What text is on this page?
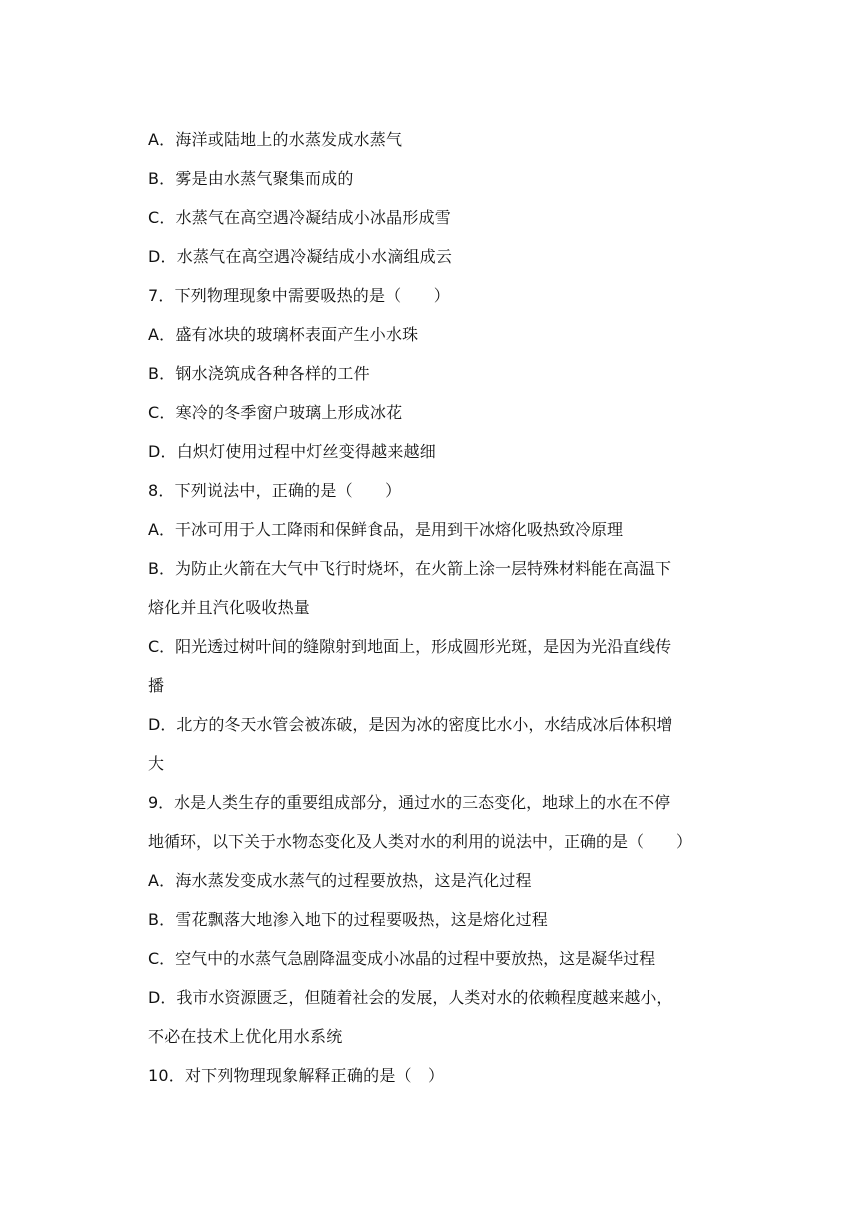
A．海洋或陆地上的水蒸发成水蒸气
B．雾是由水蒸气聚集而成的
C．水蒸气在高空遇冷凝结成小冰晶形成雪
D．水蒸气在高空遇冷凝结成小水滴组成云
7．下列物理现象中需要吸热的是（　　）
A．盛有冰块的玻璃杯表面产生小水珠
B．钢水浇筑成各种各样的工件
C．寒冷的冬季窗户玻璃上形成冰花
D．白炽灯使用过程中灯丝变得越来越细
8．下列说法中，正确的是（　　）
A．干冰可用于人工降雨和保鲜食品，是用到干冰熔化吸热致冷原理
B．为防止火箭在大气中飞行时烧坏，在火箭上涂一层特殊材料能在高温下
熔化并且汽化吸收热量
C．阳光透过树叶间的缝隙射到地面上，形成圆形光斑，是因为光沿直线传
播
D．北方的冬天水管会被冻破，是因为冰的密度比水小，水结成冰后体积增
大
9．水是人类生存的重要组成部分，通过水的三态变化，地球上的水在不停
地循环，以下关于水物态变化及人类对水的利用的说法中，正确的是（　　）
A．海水蒸发变成水蒸气的过程要放热，这是汽化过程
B．雪花飘落大地渗入地下的过程要吸热，这是熔化过程
C．空气中的水蒸气急剧降温变成小冰晶的过程中要放热，这是凝华过程
D．我市水资源匮乏，但随着社会的发展，人类对水的依赖程度越来越小，
不必在技术上优化用水系统
10．对下列物理现象解释正确的是（　）
